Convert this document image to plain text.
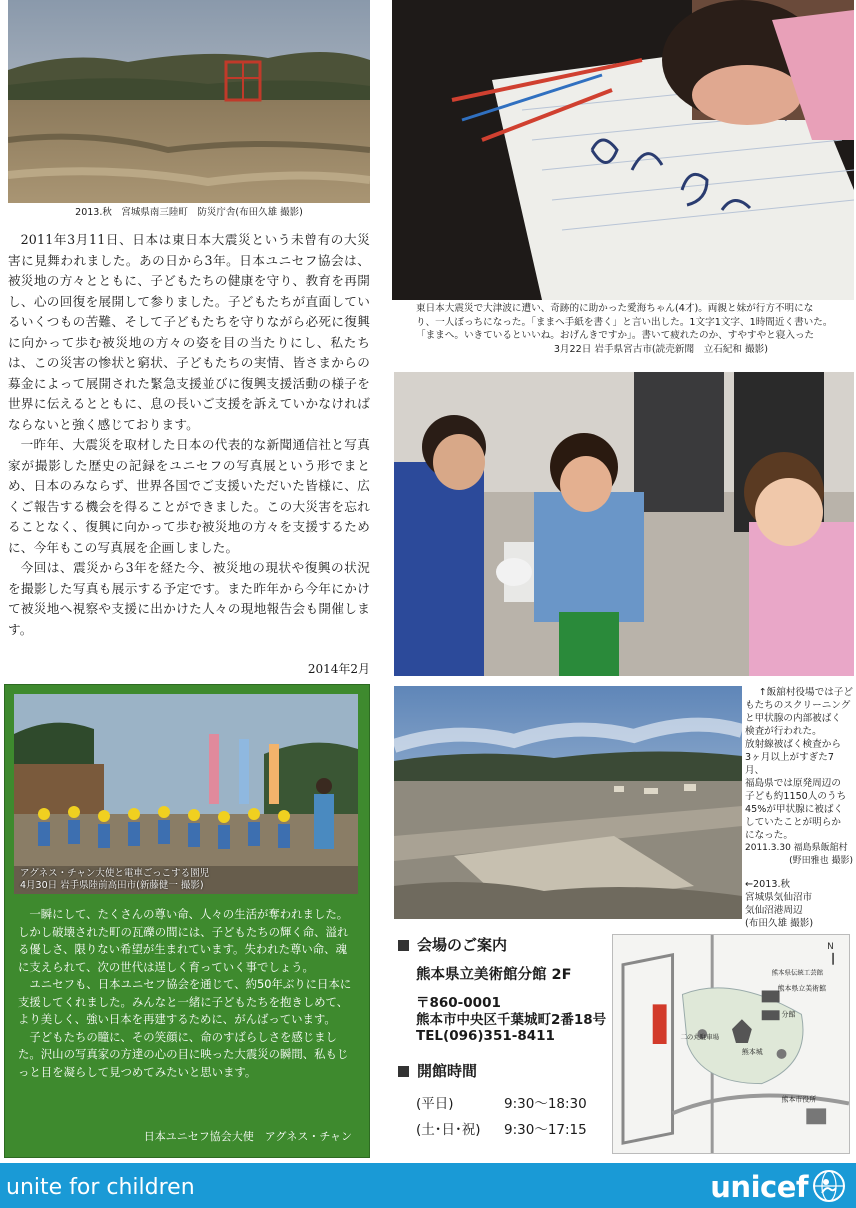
2013.秋　宮城県南三陸町　防災庁舎(布田久雄 撮影)

2011年3月11日、日本は東日本大震災という未曾有の大災害に見舞われました。あの日から3年。日本ユニセフ協会は、被災地の方々とともに、子どもたちの健康を守り、教育を再開し、心の回復を展開して参りました。子どもたちが直面しているいくつもの苦難、そして子どもたちを守りながら必死に復興に向かって歩む被災地の方々の姿を目の当たりにし、私たちは、この災害の惨状と窮状、子どもたちの実情、皆さまからの募金によって展開された緊急支援並びに復興支援活動の様子を世界に伝えるとともに、息の長いご支援を訴えていかなければならないと強く感じております。

一昨年、大震災を取材した日本の代表的な新聞通信社と写真家が撮影した歴史の記録をユニセフの写真展という形でまとめ、日本のみならず、世界各国でご支援いただいた皆様に、広くご報告する機会を得ることができました。この大災害を忘れることなく、復興に向かって歩む被災地の方々を支援するために、今年もこの写真展を企画しました。

今回は、震災から3年を経た今、被災地の現状や復興の状況を撮影した写真も展示する予定です。また昨年から今年にかけて被災地へ視察や支援に出かけた人々の現地報告会も開催します。

2014年2月
アグネス・チャン大使と電車ごっこする園児
4月30日 岩手県陸前高田市(新藤健一 撮影)

一瞬にして、たくさんの尊い命、人々の生活が奪われました。しかし破壊された町の瓦礫の間には、子どもたちの輝く命、溢れる優しさ、限りない希望が生まれています。失われた尊い命、魂に支えられて、次の世代は逞しく育っていく事でしょう。

ユニセフも、日本ユニセフ協会を通じて、約50年ぶりに日本に支援してくれました。みんなと一緒に子どもたちを抱きしめて、より美しく、強い日本を再建するために、がんばっています。

子どもたちの瞳に、その笑顔に、命のすばらしさを感じました。沢山の写真家の方達の心の目に映った大震災の瞬間、私もじっと目を凝らして見つめてみたいと思います。

日本ユニセフ協会大使　アグネス・チャン
東日本大震災で大津波に遭い、奇跡的に助かった愛海ちゃん(4才)。両親と妹が行方不明にな
り、一人ぼっちになった。「ままへ手紙を書く」と言い出した。1文字1文字、1時間近く書いた。
「ままへ。いきているといいね。おげんきですか」。書いて疲れたのか、すやすやと寝入った
3月22日 岩手県宮古市(読売新聞　立石紀和 撮影)
↑飯舘村役場では子ど
もたちのスクリーニング
と甲状腺の内部被ばく
検査が行われた。
放射線被ばく検査から
3ヶ月以上がすぎた7月、
福島県では原発周辺の
子ども約1150人のうち
45%が甲状腺に被ばく
していたことが明らか
になった。
2011.3.30 福島県飯舘村
(野田雅也 撮影)
←2013.秋
宮城県気仙沼市
気仙沼港周辺
(布田久雄 撮影)
会場のご案内
熊本県立美術館分館 2F
〒860-0001
熊本市中央区千葉城町2番18号
TEL(096)351-8411
開館時間
(平日)	9:30～18:30
(土･日･祝) 9:30～17:15
N
熊本県立美術館
分館
熊本城
熊本市役所
二の丸駐車場
熊本県伝統工芸館
unite for children	unicef
